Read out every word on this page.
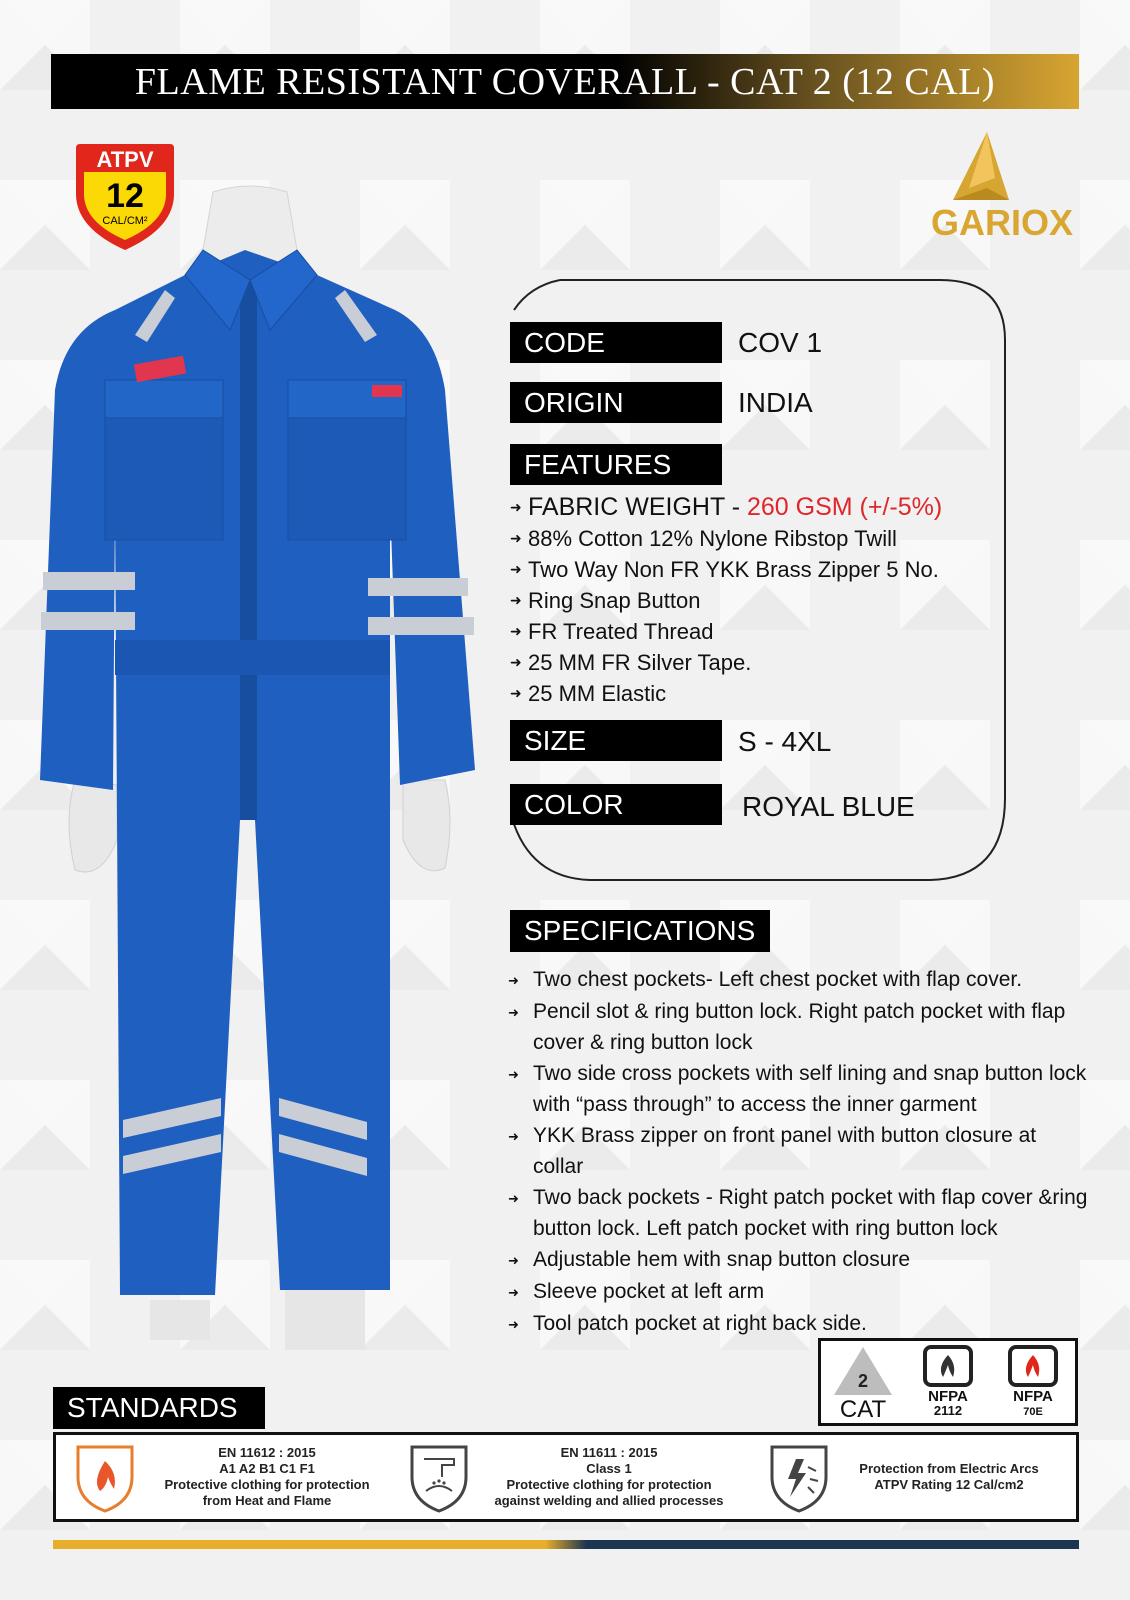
FLAME RESISTANT COVERALL - CAT 2 (12 CAL)
ATPV
12
CAL/CM²	GARIOX
CODE	COV 1
ORIGIN	INDIA
FEATURES
➜ FABRIC WEIGHT - 260 GSM (+/-5%)
➜ 88% Cotton 12% Nylone Ribstop Twill
➜ Two Way Non FR YKK Brass Zipper 5 No.
➜ Ring Snap Button
➜ FR Treated Thread
➜ 25 MM FR Silver Tape.
➜ 25 MM Elastic
SIZE	S - 4XL
COLOR	ROYAL BLUE
SPECIFICATIONS
➜ Two chest pockets- Left chest pocket with flap cover.
➜ Pencil slot & ring button lock. Right patch pocket with flap cover & ring button lock
➜ Two side cross pockets with self lining and snap button lock with “pass through” to access the inner garment
➜ YKK Brass zipper on front panel with button closure at collar
➜ Two back pockets - Right patch pocket with flap cover &ring button lock. Left patch pocket with ring button lock
➜ Adjustable hem with snap button closure
➜ Sleeve pocket at left arm
➜ Tool patch pocket at right back side.
2
CAT	NFPA
2112
NFPA
70E
STANDARDS
EN 11612 : 2015
A1 A2 B1 C1 F1
Protective clothing for protection
from Heat and Flame
EN 11611 : 2015
Class 1
Protective clothing for protection
against welding and allied processes
Protection from Electric Arcs
ATPV Rating 12 Cal/cm2
